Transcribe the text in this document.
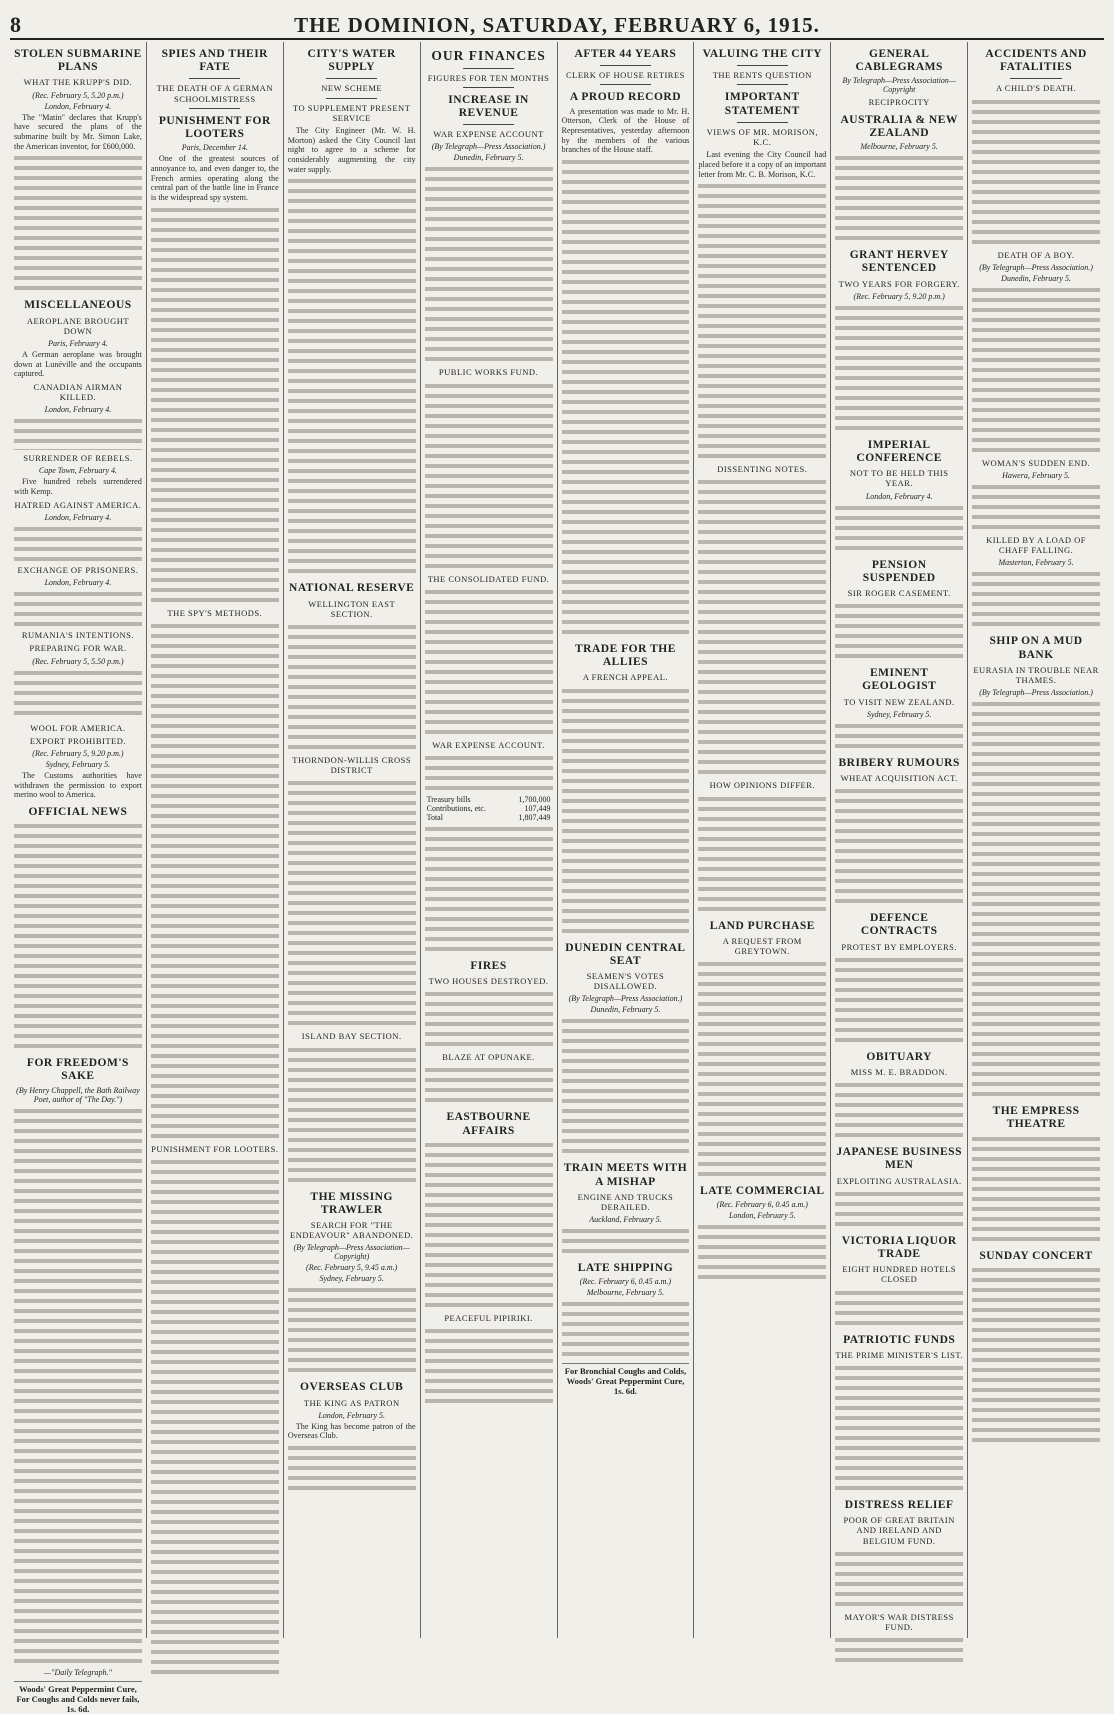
8	THE DOMINION, SATURDAY, FEBRUARY 6, 1915.
STOLEN SUBMARINE PLANS
WHAT THE KRUPP'S DID.
(Rec. February 5, 5.20 p.m.)
London, February 4.

The "Matin" declares that Krupp's have secured the plans of the submarine built by Mr. Simon Lake, the American inventor, for £600,000.

MISCELLANEOUS
AEROPLANE BROUGHT DOWN
Paris, February 4.

A German aeroplane was brought down at Lunéville and the occupants captured.

CANADIAN AIRMAN KILLED.
London, February 4.

SURRENDER OF REBELS.
Cape Town, February 4.

Five hundred rebels surrendered with Kemp.

HATRED AGAINST AMERICA.
London, February 4.

EXCHANGE OF PRISONERS.
London, February 4.

RUMANIA'S INTENTIONS.
PREPARING FOR WAR.
(Rec. February 5, 5.50 p.m.)

WOOL FOR AMERICA.
EXPORT PROHIBITED.
(Rec. February 5, 9.20 p.m.)
Sydney, February 5.

The Customs authorities have withdrawn the permission to export merino wool to America.

OFFICIAL NEWS

FOR FREEDOM'S SAKE
(By Henry Chappell, the Bath Railway Poet, author of "The Day.")

—"Daily Telegraph."
Woods' Great Peppermint Cure, For Coughs and Colds never fails, 1s. 6d.
SPIES AND THEIR FATE
THE DEATH OF A GERMAN SCHOOLMISTRESS
PUNISHMENT FOR LOOTERS
Paris, December 14.

One of the greatest sources of annoyance to, and even danger to, the French armies operating along the central part of the battle line in France is the widespread spy system.

THE SPY'S METHODS.

PUNISHMENT FOR LOOTERS.

CITY'S WATER SUPPLY
NEW SCHEME
TO SUPPLEMENT PRESENT SERVICE

The City Engineer (Mr. W. H. Morton) asked the City Council last night to agree to a scheme for considerably augmenting the city water supply.

NATIONAL RESERVE
WELLINGTON EAST SECTION.

THORNDON-WILLIS CROSS DISTRICT

ISLAND BAY SECTION.

THE MISSING TRAWLER
SEARCH FOR "THE ENDEAVOUR" ABANDONED.
(By Telegraph—Press Association—Copyright)
(Rec. February 5, 9.45 a.m.)
Sydney, February 5.

OVERSEAS CLUB
THE KING AS PATRON
London, February 5.

The King has become patron of the Overseas Club.

OUR FINANCES
FIGURES FOR TEN MONTHS
INCREASE IN REVENUE
WAR EXPENSE ACCOUNT
(By Telegraph—Press Association.)
Dunedin, February 5.

PUBLIC WORKS FUND.

THE CONSOLIDATED FUND.

WAR EXPENSE ACCOUNT.

Treasury bills	1,700,000
Contributions, etc.	107,449
Total	1,807,449

FIRES
TWO HOUSES DESTROYED.

BLAZE AT OPUNAKE.

EASTBOURNE AFFAIRS

PEACEFUL PIPIRIKI.

AFTER 44 YEARS
CLERK OF HOUSE RETIRES
A PROUD RECORD

A presentation was made to Mr. H. Otterson, Clerk of the House of Representatives, yesterday afternoon by the members of the various branches of the House staff.

TRADE FOR THE ALLIES
A FRENCH APPEAL.

DUNEDIN CENTRAL SEAT
SEAMEN'S VOTES DISALLOWED.
(By Telegraph—Press Association.)
Dunedin, February 5.

TRAIN MEETS WITH A MISHAP
ENGINE AND TRUCKS DERAILED.
Auckland, February 5.

LATE SHIPPING
(Rec. February 6, 0.45 a.m.)
Melbourne, February 5.

For Bronchial Coughs and Colds, Woods' Great Peppermint Cure, 1s. 6d.
VALUING THE CITY
THE RENTS QUESTION
IMPORTANT STATEMENT
VIEWS OF MR. MORISON, K.C.

Last evening the City Council had placed before it a copy of an important letter from Mr. C. B. Morison, K.C.

DISSENTING NOTES.

HOW OPINIONS DIFFER.

LAND PURCHASE
A REQUEST FROM GREYTOWN.

LATE COMMERCIAL
(Rec. February 6, 0.45 a.m.)
London, February 5.

GENERAL CABLEGRAMS
By Telegraph—Press Association—Copyright
RECIPROCITY
AUSTRALIA & NEW ZEALAND
Melbourne, February 5.

GRANT HERVEY SENTENCED
TWO YEARS FOR FORGERY.
(Rec. February 5, 9.20 p.m.)

IMPERIAL CONFERENCE
NOT TO BE HELD THIS YEAR.
London, February 4.

PENSION SUSPENDED
SIR ROGER CASEMENT.

EMINENT GEOLOGIST
TO VISIT NEW ZEALAND.
Sydney, February 5.

BRIBERY RUMOURS
WHEAT ACQUISITION ACT.

DEFENCE CONTRACTS
PROTEST BY EMPLOYERS.

OBITUARY
MISS M. E. BRADDON.

JAPANESE BUSINESS MEN
EXPLOITING AUSTRALASIA.

VICTORIA LIQUOR TRADE
EIGHT HUNDRED HOTELS CLOSED

PATRIOTIC FUNDS
THE PRIME MINISTER'S LIST.

DISTRESS RELIEF
POOR OF GREAT BRITAIN AND IRELAND AND BELGIUM FUND.

MAYOR'S WAR DISTRESS FUND.

ACCIDENTS AND FATALITIES
A CHILD'S DEATH.

DEATH OF A BOY.
(By Telegraph—Press Association.)
Dunedin, February 5.

WOMAN'S SUDDEN END.
Hawera, February 5.

KILLED BY A LOAD OF CHAFF FALLING.
Masterton, February 5.

SHIP ON A MUD BANK
EURASIA IN TROUBLE NEAR THAMES.
(By Telegraph—Press Association.)

THE EMPRESS THEATRE

SUNDAY CONCERT
